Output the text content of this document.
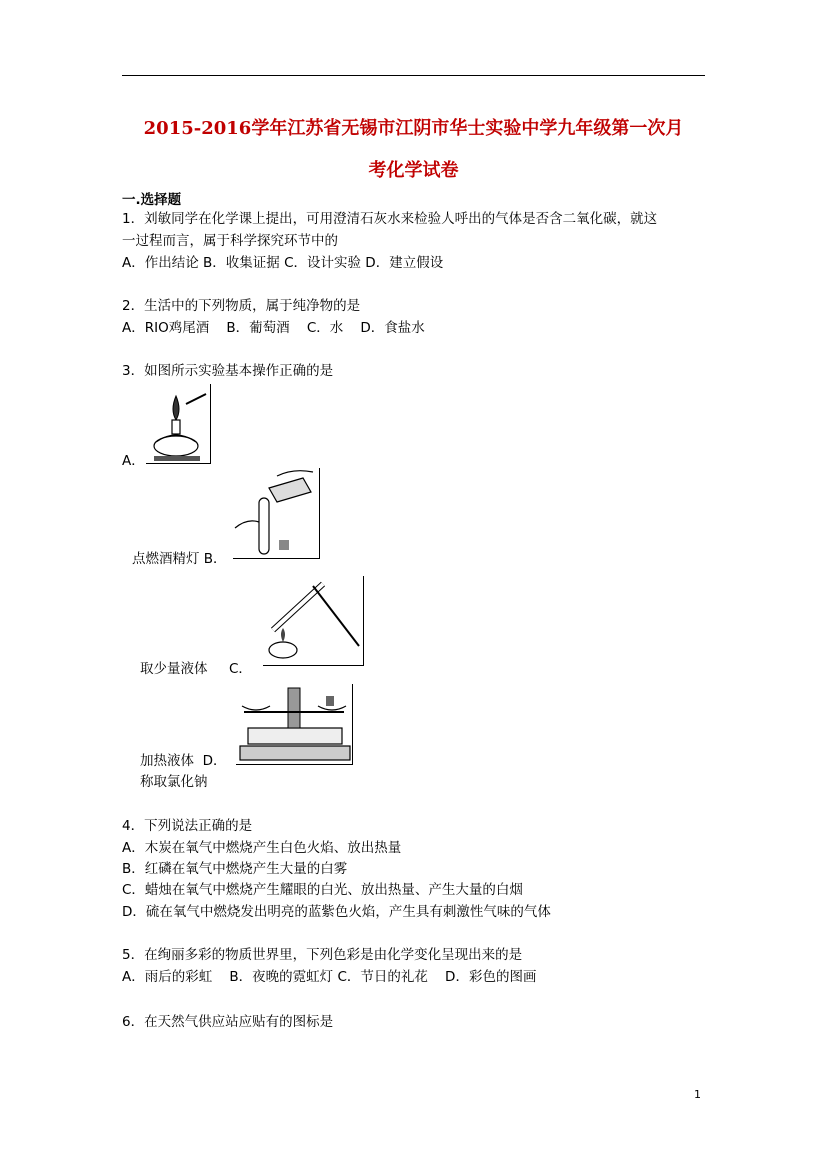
2015-2016学年江苏省无锡市江阴市华士实验中学九年级第一次月
考化学试卷
一.选择题
1．刘敏同学在化学课上提出，可用澄清石灰水来检验人呼出的气体是否含二氧化碳，就这
一过程而言，属于科学探究环节中的
A．作出结论 B．收集证据 C．设计实验 D．建立假设
2．生活中的下列物质，属于纯净物的是
A．RIO鸡尾酒    B．葡萄酒    C．水    D．食盐水
3．如图所示实验基本操作正确的是
A．
点燃酒精灯 B．
取少量液体     C．
加热液体  D．
称取氯化钠
4．下列说法正确的是
A．木炭在氧气中燃烧产生白色火焰、放出热量
B．红磷在氧气中燃烧产生大量的白雾
C．蜡烛在氧气中燃烧产生耀眼的白光、放出热量、产生大量的白烟
D．硫在氧气中燃烧发出明亮的蓝紫色火焰，产生具有刺激性气味的气体
5．在绚丽多彩的物质世界里，下列色彩是由化学变化呈现出来的是
A．雨后的彩虹    B．夜晚的霓虹灯 C．节日的礼花    D．彩色的图画
6．在天然气供应站应贴有的图标是
1
